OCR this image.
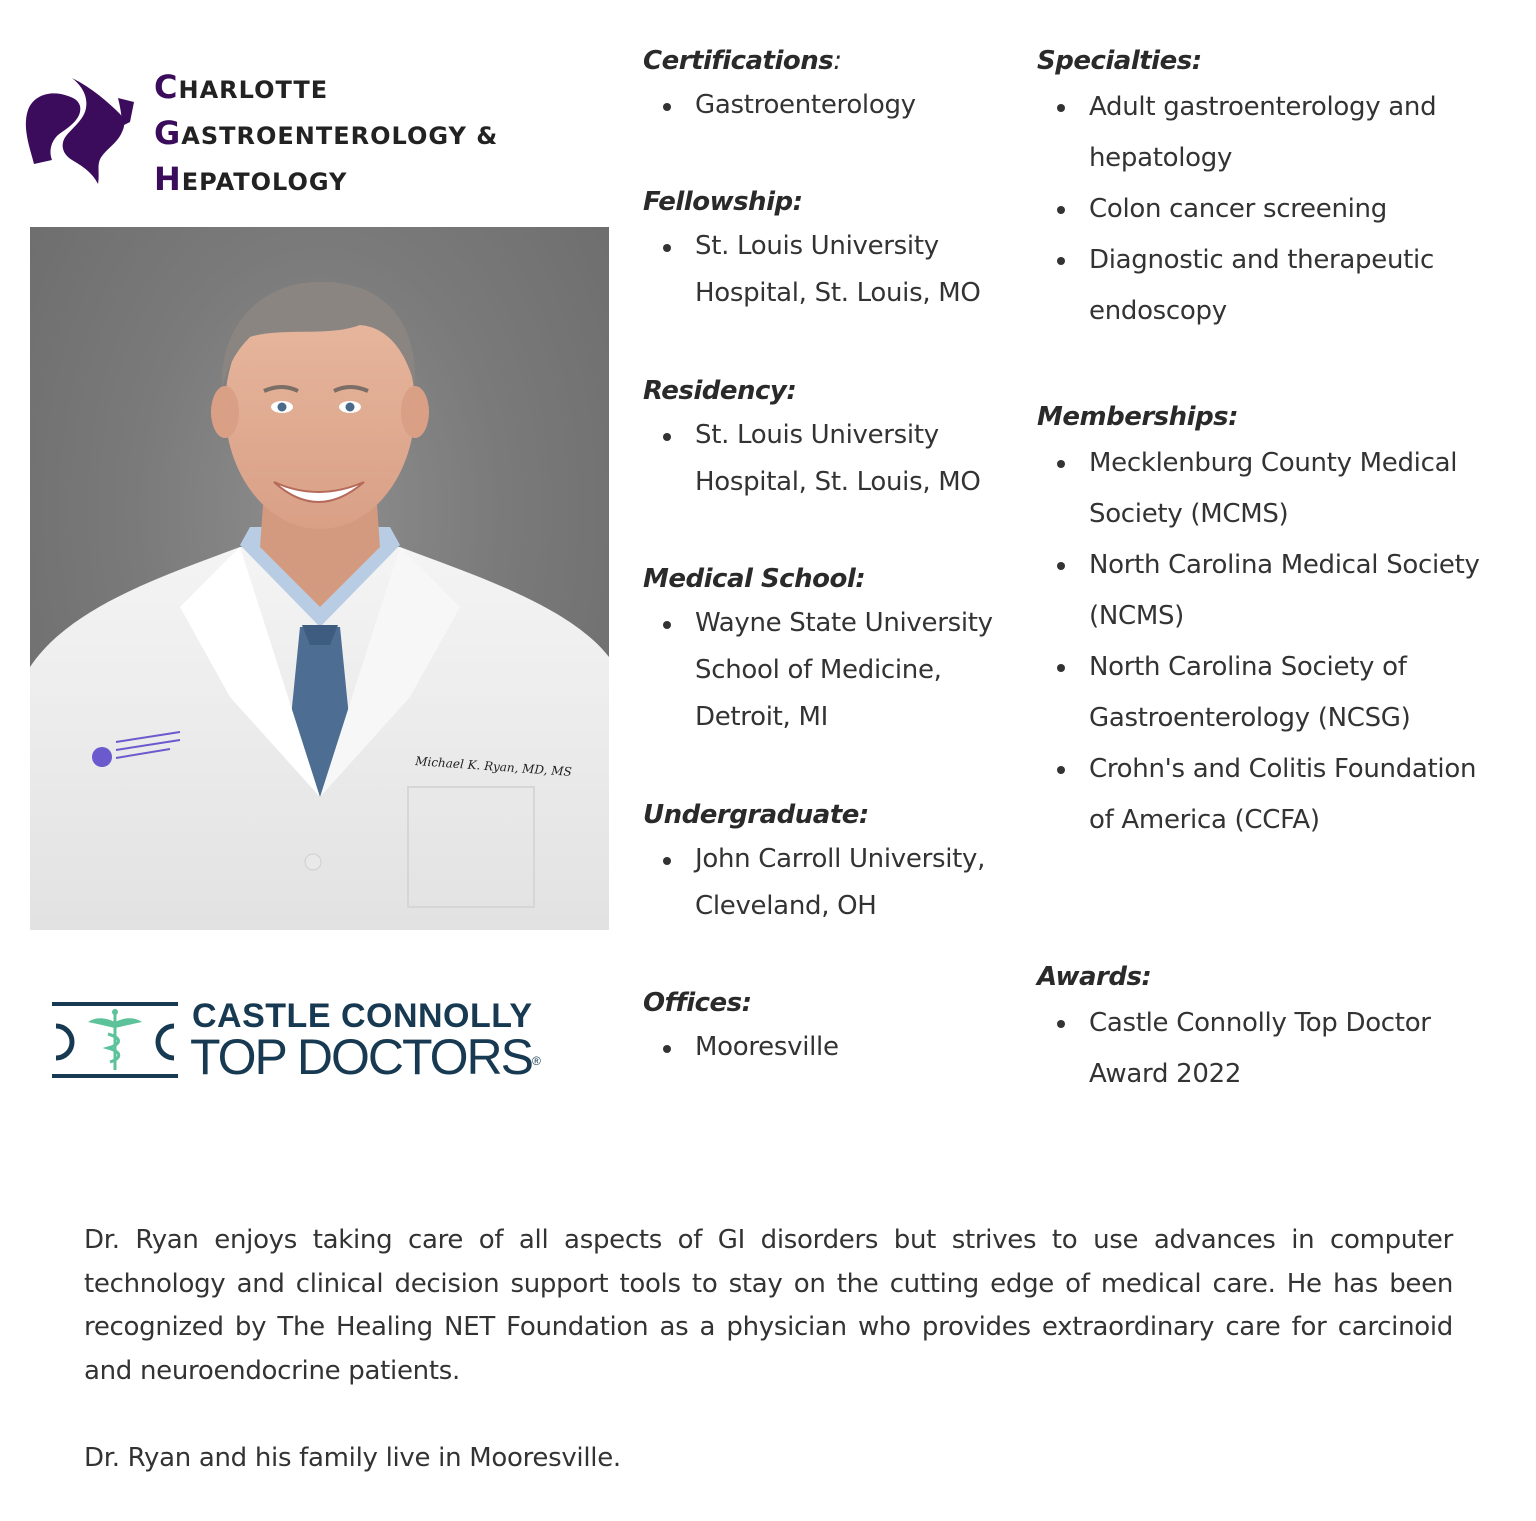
CHARLOTTE
GASTROENTEROLOGY &
HEPATOLOGY
Michael K. Ryan, MD, MS
CASTLE CONNOLLY
TOP DOCTORS®
Certifications:
Gastroenterology
Fellowship:
St. Louis University Hospital, St. Louis, MO
Residency:
St. Louis University Hospital, St. Louis, MO
Medical School:
Wayne State University School of Medicine, Detroit, MI
Undergraduate:
John Carroll University, Cleveland, OH
Offices:
Mooresville
Specialties:
Adult gastroenterology and hepatology
Colon cancer screening
Diagnostic and therapeutic endoscopy
Memberships:
Mecklenburg County Medical Society (MCMS)
North Carolina Medical Society (NCMS)
North Carolina Society of Gastroenterology (NCSG)
Crohn's and Colitis Foundation of America (CCFA)
Awards:
Castle Connolly Top Doctor Award 2022

Dr. Ryan enjoys taking care of all aspects of GI disorders but strives to use advances in computer technology and clinical decision support tools to stay on the cutting edge of medical care. He has been recognized by The Healing NET Foundation as a physician who provides extraordinary care for carcinoid and neuroendocrine patients.

Dr. Ryan and his family live in Mooresville.
